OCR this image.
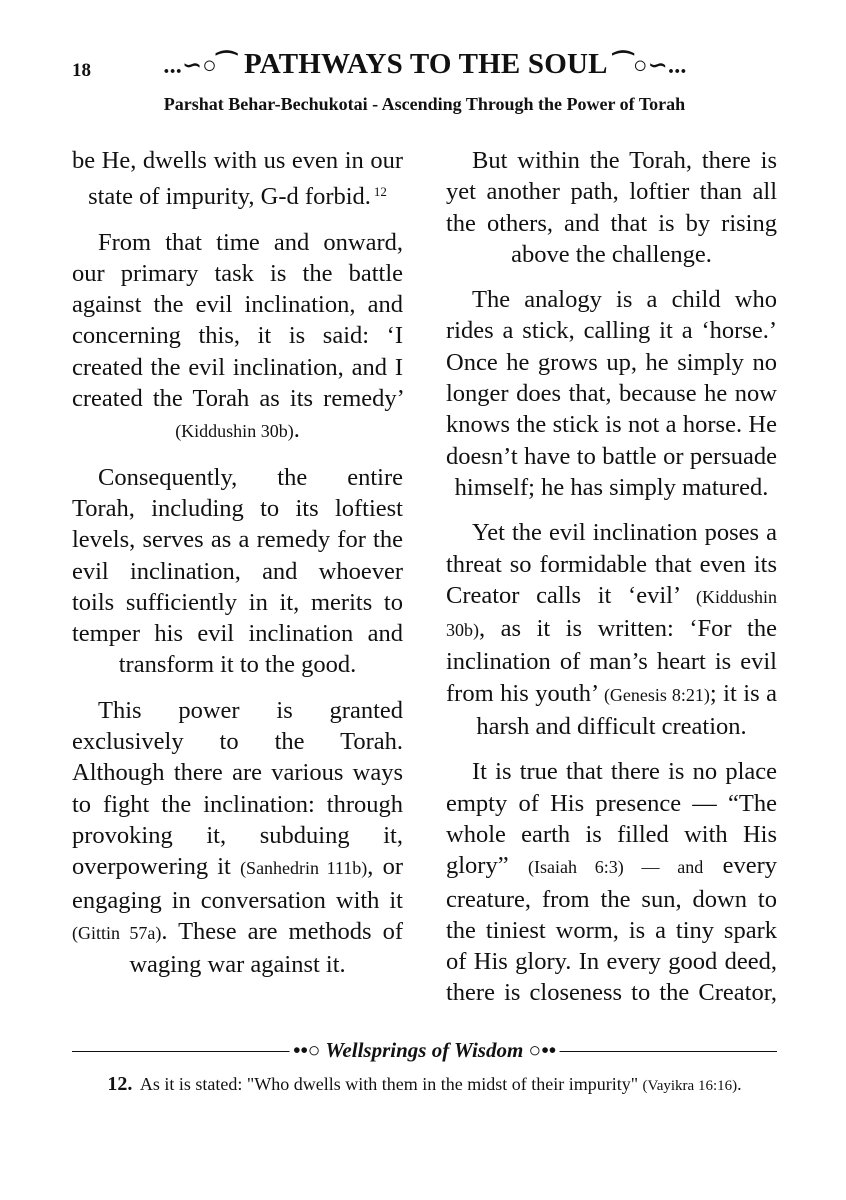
18	...∽○⁀ PATHWAYS TO THE SOUL ⁀○∽...
Parshat Behar-Bechukotai - Ascending Through the Power of Torah

be He, dwells with us even in our state of impurity, G-d forbid. $^{12}$

From that time and onward, our primary task is the battle against the evil inclination, and concerning this, it is said: ‘I created the evil inclination, and I created the Torah as its remedy’ (Kiddushin 30b).

Consequently, the entire Torah, including to its loftiest levels, serves as a remedy for the evil inclination, and whoever toils sufficiently in it, merits to temper his evil inclination and transform it to the good.

This power is granted exclusively to the Torah. Although there are various ways to fight the inclination: through provoking it, subduing it, overpowering it (Sanhedrin 111b), or engaging in conversation with it (Gittin 57a). These are methods of waging war against it.

But within the Torah, there is yet another path, loftier than all the others, and that is by rising above the challenge.

The analogy is a child who rides a stick, calling it a ‘horse.’ Once he grows up, he simply no longer does that, because he now knows the stick is not a horse. He doesn’t have to battle or persuade himself; he has simply matured.

Yet the evil inclination poses a threat so formidable that even its Creator calls it ‘evil’ (Kiddushin 30b), as it is written: ‘For the inclination of man’s heart is evil from his youth’ (Genesis 8:21); it is a harsh and difficult creation.

It is true that there is no place empty of His presence — “The whole earth is filled with His glory” (Isaiah 6:3) — and every creature, from the sun, down to the tiniest worm, is a tiny spark of His glory. In every good deed, there is closeness to the Creator,

••○ Wellsprings of Wisdom ○••
12. As it is stated: "Who dwells with them in the midst of their impurity" (Vayikra 16:16).
